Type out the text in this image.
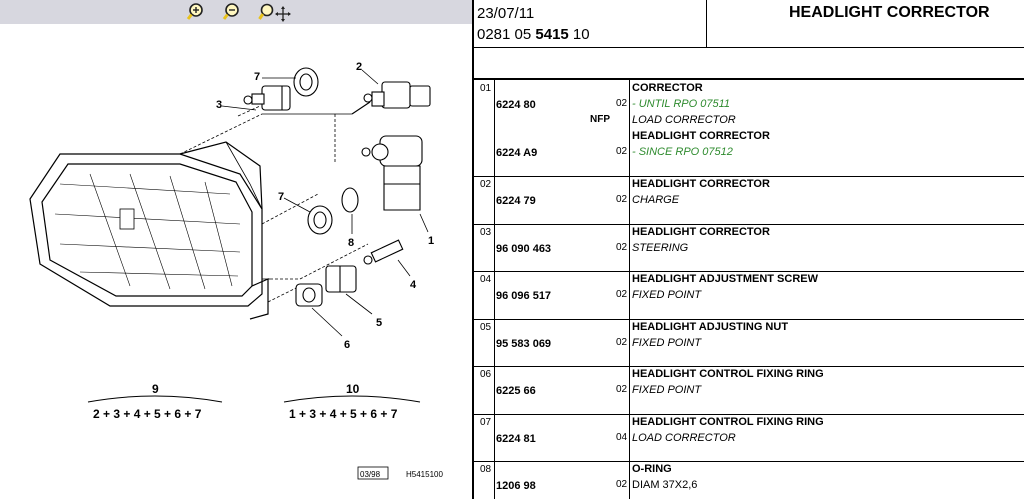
3
7
2
7
8	1
4
5
6
9
2 + 3 + 4 + 5 + 6 + 7
10
1 + 3 + 4 + 5 + 6 + 7
03/98	H5415100
23/07/11
0281 05 5415 10
HEADLIGHT CORRECTOR
01	CORRECTOR
6224 80	02 - UNTIL RPO 07511
NFP LOAD CORRECTOR
HEADLIGHT CORRECTOR
6224 A9	02 - SINCE RPO 07512
02	HEADLIGHT CORRECTOR
6224 79	02 CHARGE
03	HEADLIGHT CORRECTOR
96 090 463	02 STEERING
04	HEADLIGHT ADJUSTMENT SCREW
96 096 517	02 FIXED POINT
05	HEADLIGHT ADJUSTING NUT
95 583 069	02 FIXED POINT
06	HEADLIGHT CONTROL FIXING RING
6225 66	02 FIXED POINT
07	HEADLIGHT CONTROL FIXING RING
6224 81	04 LOAD CORRECTOR
08	O-RING
1206 98	02 DIAM 37X2,6
